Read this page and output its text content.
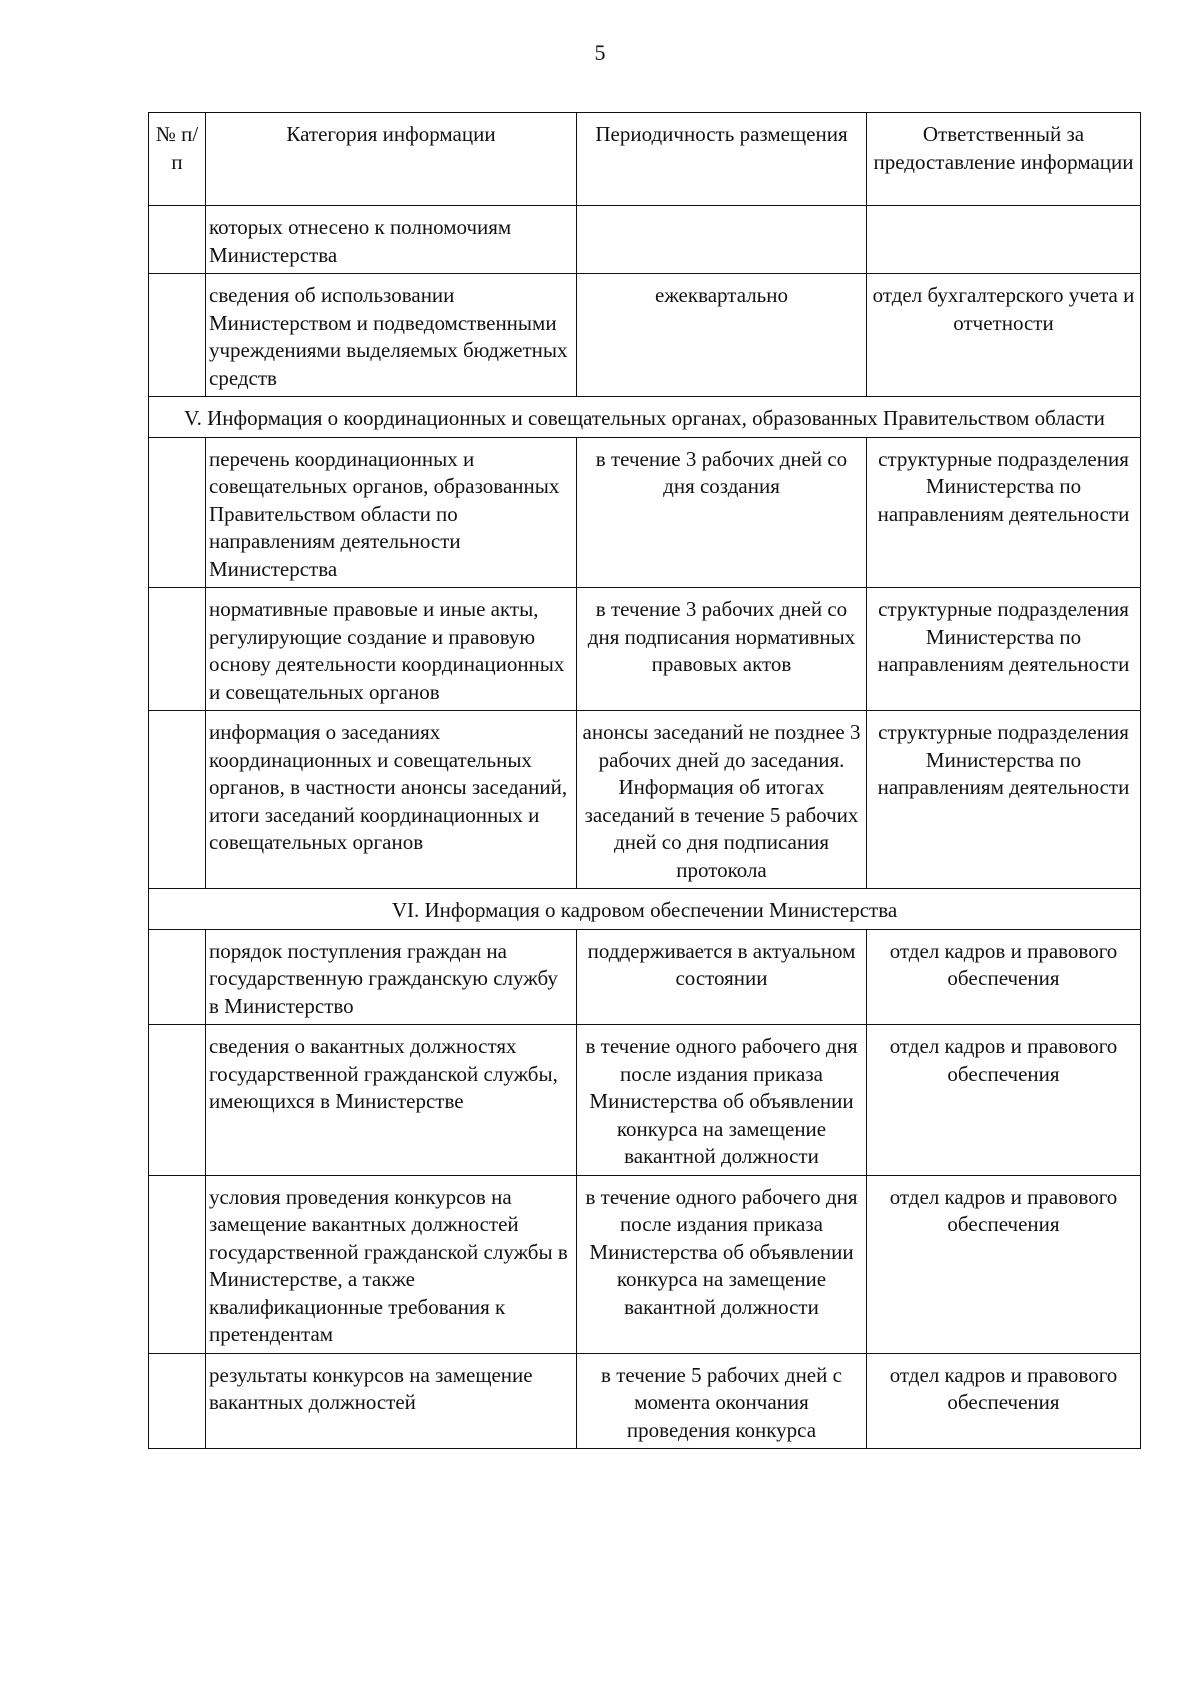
5
№ п/п	Категория информации	Периодичность размещения	Ответственный за предоставление информации
	которых отнесено к полномочиям Министерства		
	сведения об использовании Министерством и подведомственными учреждениями выделяемых бюджетных средств	ежеквартально	отдел бухгалтерского учета и отчетности
V. Информация о координационных и совещательных органах, образованных Правительством области			
	перечень координационных и совещательных органов, образованных Правительством области по направлениям деятельности Министерства	в течение 3 рабочих дней со дня создания	структурные подразделения Министерства по направлениям деятельности
	нормативные правовые и иные акты, регулирующие создание и правовую основу деятельности координационных и совещательных органов	в течение 3 рабочих дней со дня подписания нормативных правовых актов	структурные подразделения Министерства по направлениям деятельности
	информация о заседаниях координационных и совещательных органов, в частности анонсы заседаний, итоги заседаний координационных и совещательных органов	анонсы заседаний не позднее 3 рабочих дней до заседания. Информация об итогах заседаний в течение 5 рабочих дней со дня подписания протокола	структурные подразделения Министерства по направлениям деятельности
VI. Информация о кадровом обеспечении Министерства			
	порядок поступления граждан на государственную гражданскую службу в Министерство	поддерживается в актуальном состоянии	отдел кадров и правового обеспечения
	сведения о вакантных должностях государственной гражданской службы, имеющихся в Министерстве	в течение одного рабочего дня после издания приказа Министерства об объявлении конкурса на замещение вакантной должности	отдел кадров и правового обеспечения
	условия проведения конкурсов на замещение вакантных должностей государственной гражданской службы в Министерстве, а также квалификационные требования к претендентам	в течение одного рабочего дня после издания приказа Министерства об объявлении конкурса на замещение вакантной должности	отдел кадров и правового обеспечения
	результаты конкурсов на замещение вакантных должностей	в течение 5 рабочих дней с момента окончания проведения конкурса	отдел кадров и правового обеспечения
